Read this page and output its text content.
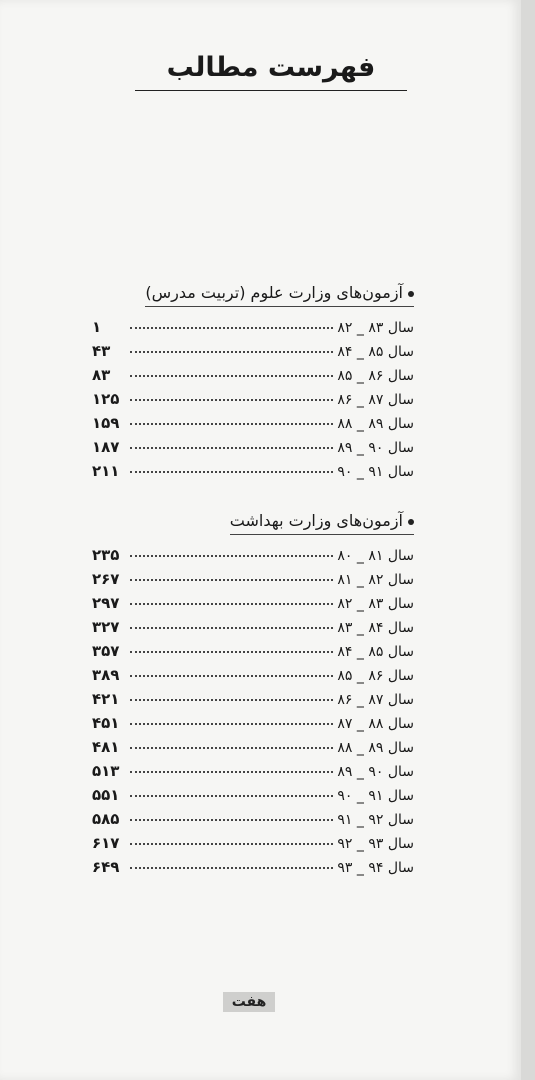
فهرست مطالب
آزمون‌های وزارت علوم (تربیت مدرس)
سال ۸۳ _ ۸۲
۱
سال ۸۵ _ ۸۴
۴۳
سال ۸۶ _ ۸۵
۸۳
سال ۸۷ _ ۸۶
۱۲۵
سال ۸۹ _ ۸۸
۱۵۹
سال ۹۰ _ ۸۹
۱۸۷
سال ۹۱ _ ۹۰
۲۱۱
آزمون‌های وزارت بهداشت
سال ۸۱ _ ۸۰
۲۳۵
سال ۸۲ _ ۸۱
۲۶۷
سال ۸۳ _ ۸۲
۲۹۷
سال ۸۴ _ ۸۳
۳۲۷
سال ۸۵ _ ۸۴
۳۵۷
سال ۸۶ _ ۸۵
۳۸۹
سال ۸۷ _ ۸۶
۴۲۱
سال ۸۸ _ ۸۷
۴۵۱
سال ۸۹ _ ۸۸
۴۸۱
سال ۹۰ _ ۸۹
۵۱۳
سال ۹۱ _ ۹۰
۵۵۱
سال ۹۲ _ ۹۱
۵۸۵
سال ۹۳ _ ۹۲
۶۱۷
سال ۹۴ _ ۹۳
۶۴۹
هفت
